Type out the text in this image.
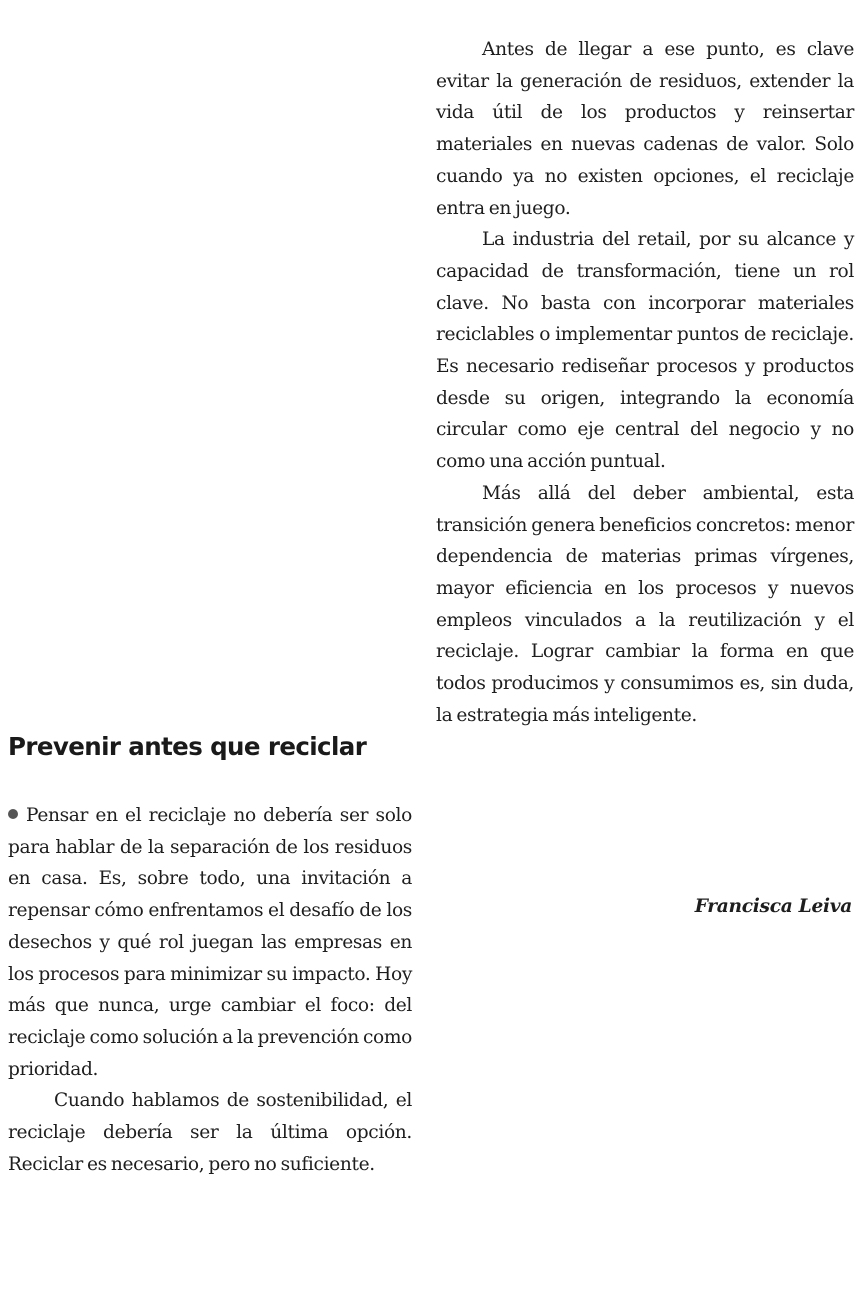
Prevenir antes que reciclar

Pensar en el reciclaje no debería ser solo para hablar de la separación de los residuos en casa. Es, sobre todo, una invitación a repensar cómo enfrentamos el desafío de los desechos y qué rol juegan las empresas en los procesos para minimizar su impacto. Hoy más que nunca, urge cambiar el foco: del reciclaje como solución a la prevención como prioridad.

Cuando hablamos de sostenibilidad, el reciclaje debería ser la última opción. Reciclar es necesario, pero no suficiente.

Antes de llegar a ese punto, es clave evitar la generación de residuos, extender la vida útil de los productos y reinsertar materiales en nuevas cadenas de valor. Solo cuando ya no existen opciones, el reciclaje entra en juego.

La industria del retail, por su alcance y capacidad de transformación, tiene un rol clave. No basta con incorporar materiales reciclables o implementar puntos de reciclaje. Es necesario rediseñar procesos y productos desde su origen, integrando la economía circular como eje central del negocio y no como una acción puntual.

Más allá del deber ambiental, esta transición genera beneficios concretos: menor dependencia de materias primas vírgenes, mayor eficiencia en los procesos y nuevos empleos vinculados a la reutilización y el reciclaje. Lograr cambiar la forma en que todos producimos y consumimos es, sin duda, la estrategia más inteligente.

Francisca Leiva
